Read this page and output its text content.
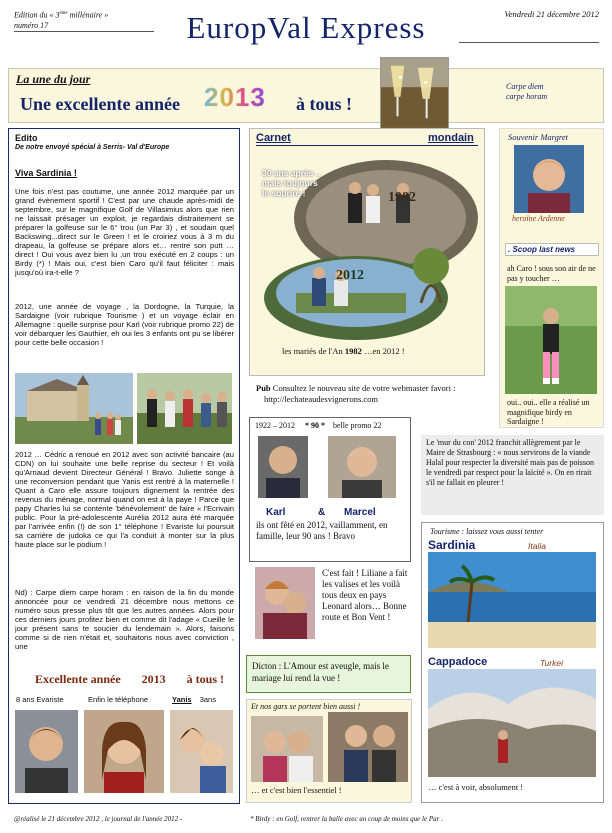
Edition du « 3ème millénaire »
numéro 17	EuropVal Express	Vendredi 21 décembre 2012
La une du jour
Une excellente année 2013 à tous !
Carpe diem
carpe horam
Edito
De notre envoyé spécial à Serris- Val d'Europe
Viva Sardinia !
Une fois n'est pas coutume, une année 2012 marquée par un grand évènement sportif ! C'est par une chaude après-midi de septembre, sur le magnifique Golf de Villasimius alors que rien ne laissait présager un exploit, je regardais distraitement se préparer la golfeuse sur le 6° trou (un Par 3) , et soudain quel Backswing...direct sur le Green ! et le croiriez vous à 3 m du drapeau, la golfeuse se prépare alors et… rentre son putt … direct ! Oui vous avez bien lu ,un trou exécuté en 2 coups : un Birdy (*) ! Mais oui, c'est bien Caro qu'il faut féliciter : mais jusqu'où ira-t-elle ?
2012, une année de voyage , la Dordogne, la Turquie, la Sardaigne (voir rubrique Tourisme ) et un voyage éclair en Allemagne : quelle surprise pour Karl (voir rubrique promo 22) de voir débarquer les Gauthier, eh oui les 3 enfants ont pu se libérer pour cette belle occasion !
2012 … Cédric a renoué en 2012 avec son activité bancaire (au CDN) on lui souhaite une belle reprise du secteur ! Et voilà qu'Arnaud devient Directeur Général ! Bravo. Juliette songe à une reconversion pendant que Yanis est rentré à la maternelle ! Quant à Caro elle assure toujours dignement la rentrée des revenus du ménage, normal quand on est à la paye ! Parce que papy Charles lui se contente 'bénévolement' de faire « l'Ecrivain public. Pour la pré-adolescente Aurélia 2012 aura été marquée par l'arrivée enfin (!) de son 1° téléphone ! Evariste lui poursuit sa carrière de judoka ce qui l'a conduit à monter sur la plus haute place sur le podium !
Nd) : Carpe diem carpe horam : en raison de la fin du monde annoncée pour ce vendredi 21 décembre nous mettons ce numéro sous presse plus tôt que les autres années. Alors pour ces derniers jours profitez bien et comme dit l'adage « Cueille le jour présent sans te soucier du lendemain ». Alors, faisons comme si de rien n'était et, souhaitons nous avec conviction , une
Excellente année 2013 à tous !
8 ans Evariste	Enfin le téléphone	Yanis 3ans
Carnet	mondain
30 ans après ..
mais toujours
le sourire !	1982
2012
les mariés de l'An 1982 …en 2012 !
Pub Consultez le nouveau site de votre webmaster favori : http://lechateaudesvignerons.com
1922 – 2012 * 90 * belle promo 22
Karl	& Marcel
ils ont fêté en 2012, vaillamment, en famille, leur 90 ans ! Bravo
C'est fait ! Liliane a fait les valises et les voilà tous deux en pays Leonard alors… Bonne route et Bon Vent !
Dicton : L'Amour est aveugle, mais le mariage lui rend la vue !
Et nos gars se portent bien aussi !
… et c'est bien l'essentiel !
Souvenir Margret
heroïne Ardenne
. Scoop last news
ah Caro ! sous son air de ne pas y toucher …
oui.. oui.. elle a réalisé un magnifique birdy en Sardaigne !
Le 'mur du con' 2012 franchit allègrement par le Maire de Strasbourg : « nous servirons de la viande Halal pour respecter la diversité mais pas de poisson le vendredi par respect pour la laïcité ». On en rirait s'il ne fallait en pleurer !
Tourisme : laissez vous aussi tenter
Sardinia	Italia
Cappadoce	Turkei
… c'est à voir, absolument !
@réalisé le 21 décembre 2012 , le journal de l'année 2012 -	* Birdy : en Golf, rentrer la balle avec un coup de moins que le Par .
